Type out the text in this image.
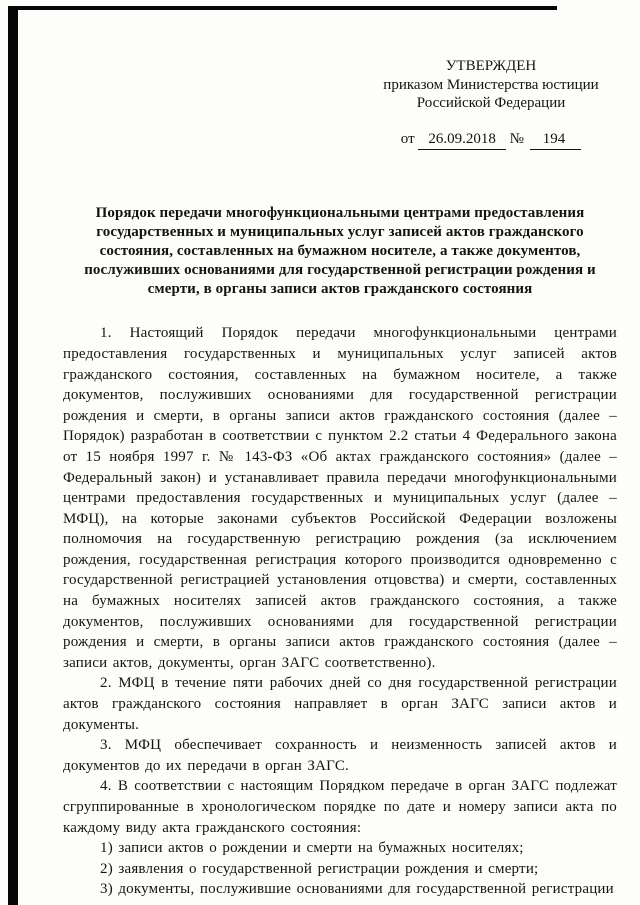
УТВЕРЖДЕН
приказом Министерства юстиции
Российской Федерации
от 26.09.2018 № 194
Порядок передачи многофункциональными центрами предоставления государственных и муниципальных услуг записей актов гражданского состояния, составленных на бумажном носителе, а также документов, послуживших основаниями для государственной регистрации рождения и смерти, в органы записи актов гражданского состояния

1. Настоящий Порядок передачи многофункциональными центрами предоставления государственных и муниципальных услуг записей актов гражданского состояния, составленных на бумажном носителе, а также документов, послуживших основаниями для государственной регистрации рождения и смерти, в органы записи актов гражданского состояния (далее – Порядок) разработан в соответствии с пунктом 2.2 статьи 4 Федерального закона от 15 ноября 1997 г. № 143-ФЗ «Об актах гражданского состояния» (далее – Федеральный закон) и устанавливает правила передачи многофункциональными центрами предоставления государственных и муниципальных услуг (далее – МФЦ), на которые законами субъектов Российской Федерации возложены полномочия на государственную регистрацию рождения (за исключением рождения, государственная регистрация которого производится одновременно с государственной регистрацией установления отцовства) и смерти, составленных на бумажных носителях записей актов гражданского состояния, а также документов, послуживших основаниями для государственной регистрации рождения и смерти, в органы записи актов гражданского состояния (далее – записи актов, документы, орган ЗАГС соответственно).

2. МФЦ в течение пяти рабочих дней со дня государственной регистрации актов гражданского состояния направляет в орган ЗАГС записи актов и документы.

3. МФЦ обеспечивает сохранность и неизменность записей актов и документов до их передачи в орган ЗАГС.

4. В соответствии с настоящим Порядком передаче в орган ЗАГС подлежат сгруппированные в хронологическом порядке по дате и номеру записи акта по каждому виду акта гражданского состояния:

1) записи актов о рождении и смерти на бумажных носителях;

2) заявления о государственной регистрации рождения и смерти;

3) документы, послужившие основаниями для государственной регистрации
